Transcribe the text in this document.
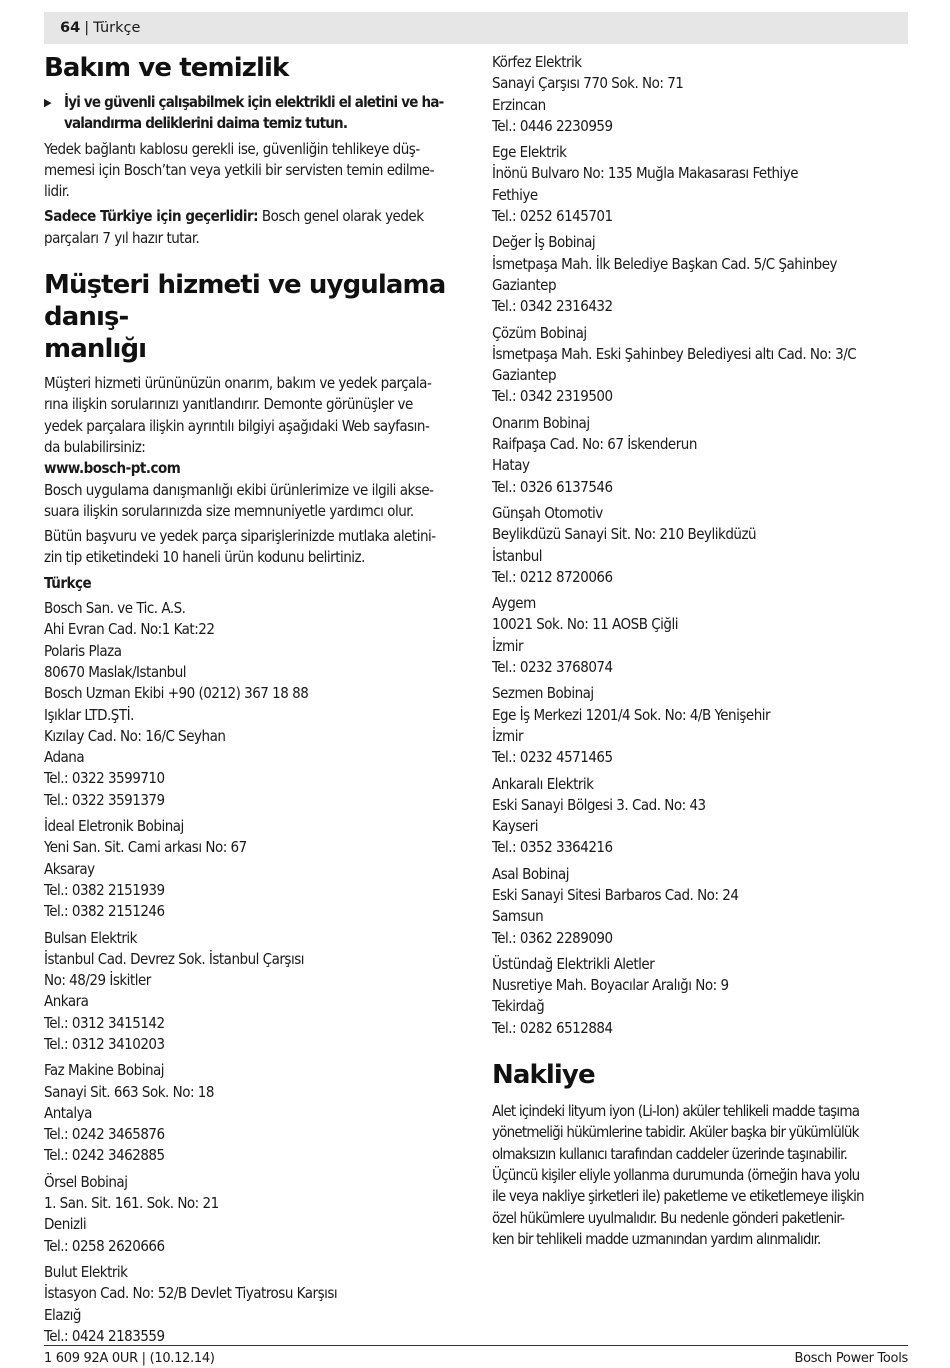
64 | Türkçe
Bakım ve temizlik

▶ İyi ve güvenli çalışabilmek için elektrikli el aletini ve ha-
valandırma deliklerini daima temiz tutun.

Yedek bağlantı kablosu gerekli ise, güvenliğin tehlikeye düş-
memesi için Bosch’tan veya yetkili bir servisten temin edilme-
lidir.

Sadece Türkiye için geçerlidir: Bosch genel olarak yedek
parçaları 7 yıl hazır tutar.

Müşteri hizmeti ve uygulama danış-
manlığı

Müşteri hizmeti ürününüzün onarım, bakım ve yedek parçala-
rına ilişkin sorularınızı yanıtlandırır. Demonte görünüşler ve
yedek parçalara ilişkin ayrıntılı bilgiyi aşağıdaki Web sayfasın-
da bulabilirsiniz:
www.bosch-pt.com
Bosch uygulama danışmanlığı ekibi ürünlerimize ve ilgili akse-
suara ilişkin sorularınızda size memnuniyetle yardımcı olur.

Bütün başvuru ve yedek parça siparişlerinizde mutlaka aletini-
zin tip etiketindeki 10 haneli ürün kodunu belirtiniz.

Türkçe

Bosch San. ve Tic. A.S.
Ahi Evran Cad. No:1 Kat:22
Polaris Plaza
80670 Maslak/Istanbul
Bosch Uzman Ekibi +90 (0212) 367 18 88
Işıklar LTD.ŞTİ.
Kızılay Cad. No: 16/C Seyhan
Adana
Tel.: 0322 3599710
Tel.: 0322 3591379
İdeal Eletronik Bobinaj
Yeni San. Sit. Cami arkası No: 67
Aksaray
Tel.: 0382 2151939
Tel.: 0382 2151246
Bulsan Elektrik
İstanbul Cad. Devrez Sok. İstanbul Çarşısı
No: 48/29 İskitler
Ankara
Tel.: 0312 3415142
Tel.: 0312 3410203
Faz Makine Bobinaj
Sanayi Sit. 663 Sok. No: 18
Antalya
Tel.: 0242 3465876
Tel.: 0242 3462885
Örsel Bobinaj
1. San. Sit. 161. Sok. No: 21
Denizli
Tel.: 0258 2620666
Bulut Elektrik
İstasyon Cad. No: 52/B Devlet Tiyatrosu Karşısı
Elazığ
Tel.: 0424 2183559
Körfez Elektrik
Sanayi Çarşısı 770 Sok. No: 71
Erzincan
Tel.: 0446 2230959
Ege Elektrik
İnönü Bulvaro No: 135 Muğla Makasarası Fethiye
Fethiye
Tel.: 0252 6145701
Değer İş Bobinaj
İsmetpaşa Mah. İlk Belediye Başkan Cad. 5/C Şahinbey
Gaziantep
Tel.: 0342 2316432
Çözüm Bobinaj
İsmetpaşa Mah. Eski Şahinbey Belediyesi altı Cad. No: 3/C
Gaziantep
Tel.: 0342 2319500
Onarım Bobinaj
Raifpaşa Cad. No: 67 İskenderun
Hatay
Tel.: 0326 6137546
Günşah Otomotiv
Beylikdüzü Sanayi Sit. No: 210 Beylikdüzü
İstanbul
Tel.: 0212 8720066
Aygem
10021 Sok. No: 11 AOSB Çiğli
İzmir
Tel.: 0232 3768074
Sezmen Bobinaj
Ege İş Merkezi 1201/4 Sok. No: 4/B Yenişehir
İzmir
Tel.: 0232 4571465
Ankaralı Elektrik
Eski Sanayi Bölgesi 3. Cad. No: 43
Kayseri
Tel.: 0352 3364216
Asal Bobinaj
Eski Sanayi Sitesi Barbaros Cad. No: 24
Samsun
Tel.: 0362 2289090
Üstündağ Elektrikli Aletler
Nusretiye Mah. Boyacılar Aralığı No: 9
Tekirdağ
Tel.: 0282 6512884
Nakliye

Alet içindeki lityum iyon (Li-Ion) aküler tehlikeli madde taşıma
yönetmeliği hükümlerine tabidir. Aküler başka bir yükümlülük
olmaksızın kullanıcı tarafından caddeler üzerinde taşınabilir.
Üçüncü kişiler eliyle yollanma durumunda (örneğin hava yolu
ile veya nakliye şirketleri ile) paketleme ve etiketlemeye ilişkin
özel hükümlere uyulmalıdır. Bu nedenle gönderi paketlenir-
ken bir tehlikeli madde uzmanından yardım alınmalıdır.

1 609 92A 0UR | (10.12.14)	Bosch Power Tools
